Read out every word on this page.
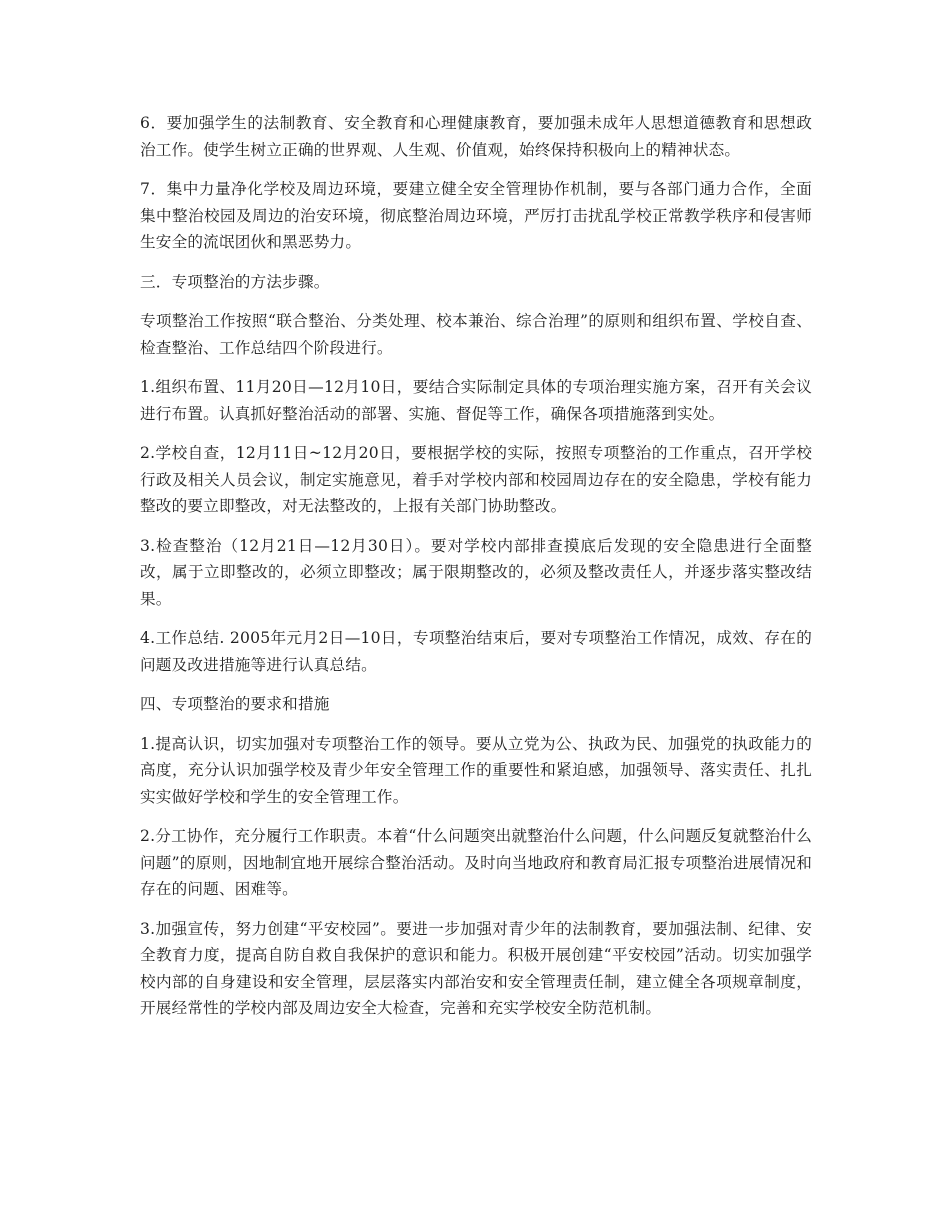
6．要加强学生的法制教育、安全教育和心理健康教育，要加强未成年人思想道德教育和思想政治工作。使学生树立正确的世界观、人生观、价值观，始终保持积极向上的精神状态。

7．集中力量净化学校及周边环境，要建立健全安全管理协作机制，要与各部门通力合作，全面集中整治校园及周边的治安环境，彻底整治周边环境，严厉打击扰乱学校正常教学秩序和侵害师生安全的流氓团伙和黑恶势力。

三．专项整治的方法步骤。

专项整治工作按照“联合整治、分类处理、校本兼治、综合治理”的原则和组织布置、学校自查、检查整治、工作总结四个阶段进行。

1.组织布置、11月20日—12月10日，要结合实际制定具体的专项治理实施方案，召开有关会议进行布置。认真抓好整治活动的部署、实施、督促等工作，确保各项措施落到实处。

2.学校自查，12月11日~12月20日，要根据学校的实际，按照专项整治的工作重点，召开学校行政及相关人员会议，制定实施意见，着手对学校内部和校园周边存在的安全隐患，学校有能力整改的要立即整改，对无法整改的，上报有关部门协助整改。

3.检查整治（12月21日—12月30日）。要对学校内部排查摸底后发现的安全隐患进行全面整改，属于立即整改的，必须立即整改；属于限期整改的，必须及整改责任人，并逐步落实整改结果。

4.工作总结. 2005年元月2日—10日，专项整治结束后，要对专项整治工作情况，成效、存在的问题及改进措施等进行认真总结。

四、专项整治的要求和措施

1.提高认识，切实加强对专项整治工作的领导。要从立党为公、执政为民、加强党的执政能力的高度，充分认识加强学校及青少年安全管理工作的重要性和紧迫感，加强领导、落实责任、扎扎实实做好学校和学生的安全管理工作。

2.分工协作，充分履行工作职责。本着“什么问题突出就整治什么问题，什么问题反复就整治什么问题”的原则，因地制宜地开展综合整治活动。及时向当地政府和教育局汇报专项整治进展情况和存在的问题、困难等。

3.加强宣传，努力创建“平安校园”。要进一步加强对青少年的法制教育，要加强法制、纪律、安全教育力度，提高自防自救自我保护的意识和能力。积极开展创建“平安校园”活动。切实加强学校内部的自身建设和安全管理，层层落实内部治安和安全管理责任制，建立健全各项规章制度，开展经常性的学校内部及周边安全大检查，完善和充实学校安全防范机制。
